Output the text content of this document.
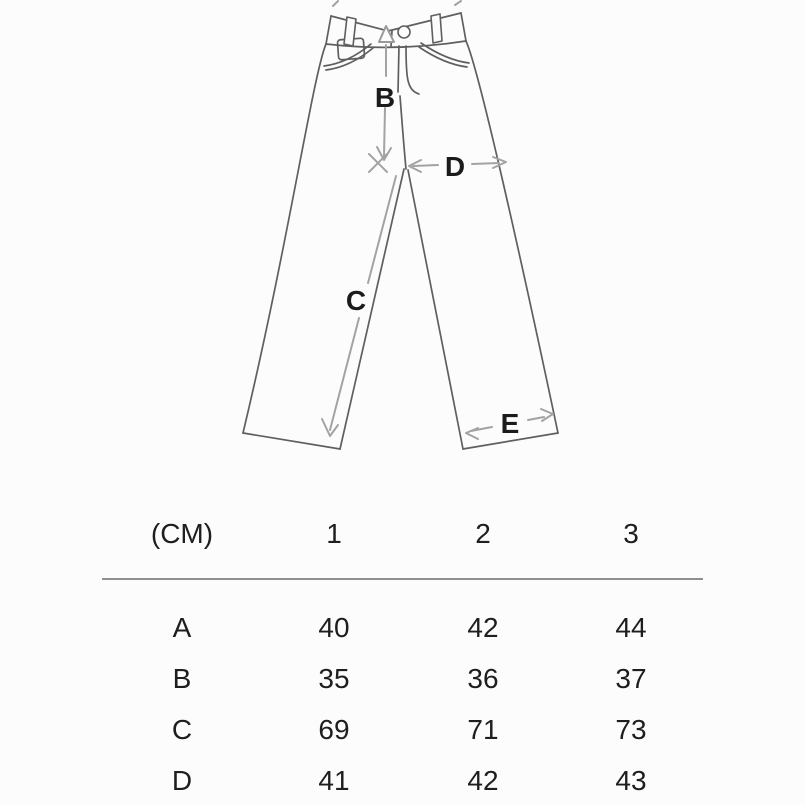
B
D
C
E
(CM)	1	2	3
A	40	42	44
B	35	36	37
C	69	71	73
D	41	42	43
